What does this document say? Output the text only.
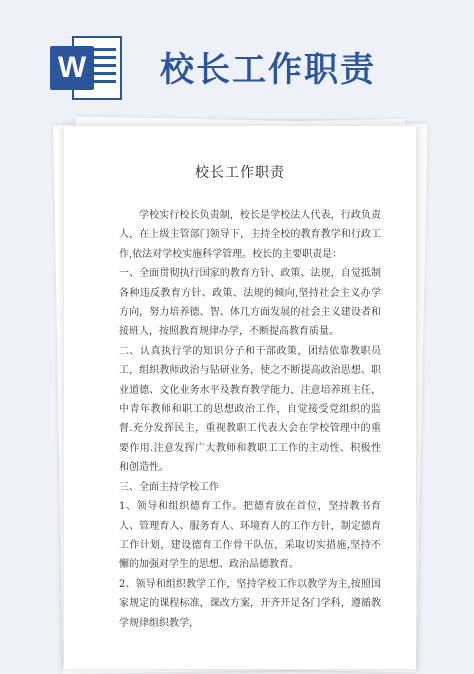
W 校长工作职责
校长工作职责

学校实行校长负责制，校长是学校法人代表，行政负责人，在上级主管部门领导下，主持全校的教育教学和行政工作,依法对学校实施科学管理。校长的主要职责是：

一、全面贯彻执行国家的教育方针、政策、法规，自觉抵制各种违反教育方针、政策、法规的倾向,坚持社会主义办学方向，努力培养德、智、体几方面发展的社会主义建设者和接班人，按照教育规律办学，不断提高教育质量。

二、认真执行学的知识分子和干部政策，团结依靠教职员工，组织教师政治与钻研业务，使之不断提高政治思想、职业道德、文化业务水平及教育教学能力，注意培养班主任，中青年教师和职工的思想政治工作，自觉接受党组织的监督.充分发挥民主，重视教职工代表大会在学校管理中的重要作用.注意发挥广大教师和教职工工作的主动性、积极性和创造性。

三、全面主持学校工作

1、领导和组织德育工作。把德育放在首位，坚持教书育人、管理育人、服务育人、环境育人的工作方针，制定德育工作计划，建设德育工作骨干队伍，采取切实措施,坚持不懈的加强对学生的思想、政治品德教育。

2、领导和组织教学工作，坚持学校工作以教学为主,按照国家规定的课程标准，课改方案，开齐开足各门学科，遵循教学规律组织教学，
